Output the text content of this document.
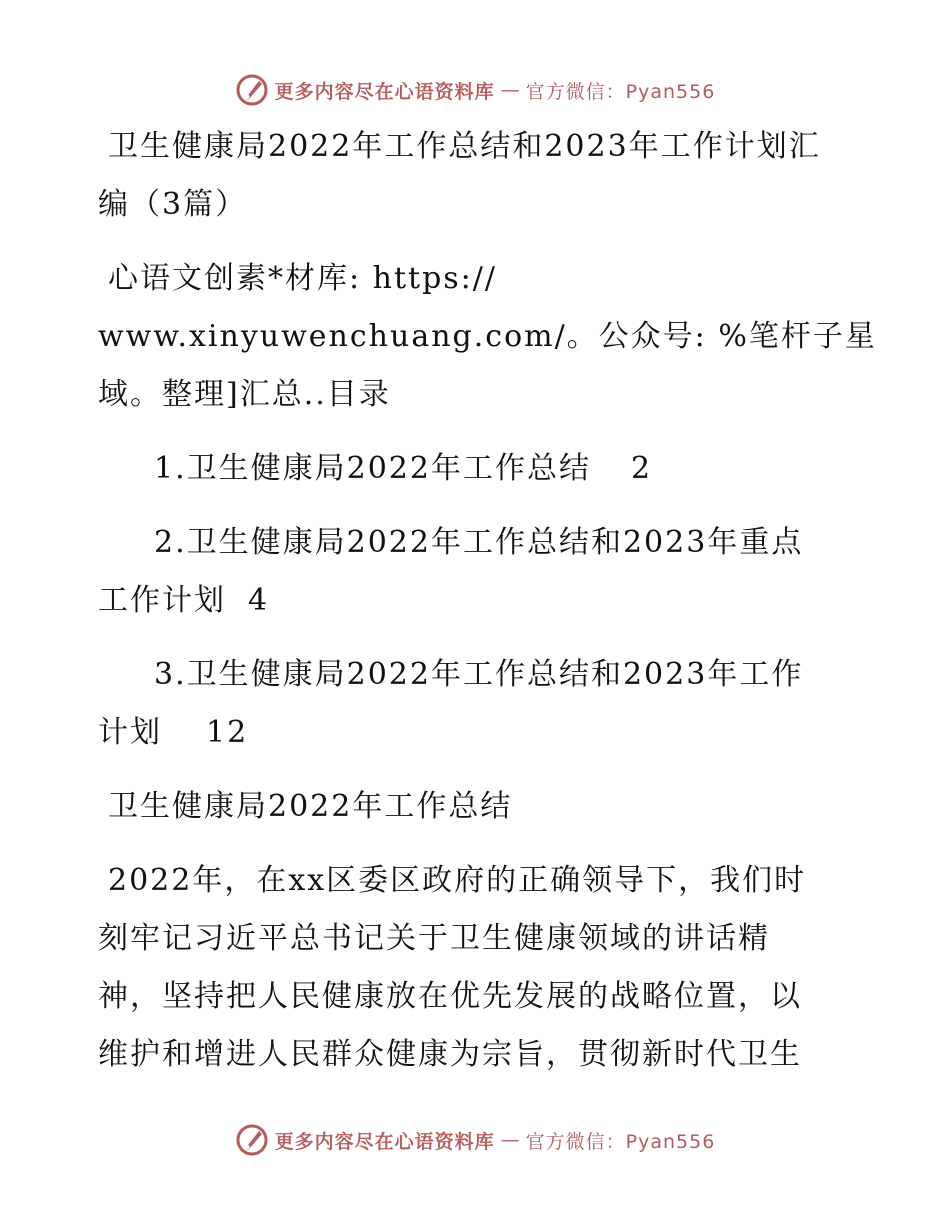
更多内容尽在心语资料库 — 官方微信：Pyan556

卫生健康局2022年工作总结和2023年工作计划汇

编（3篇）

心语文创素*材库: https://

www.xinyuwenchuang.com/。公众号: %笔杆子星

域。整理]汇总..目录

1.卫生健康局2022年工作总结 2

2.卫生健康局2022年工作总结和2023年重点

工作计划 4

3.卫生健康局2022年工作总结和2023年工作

计划 12

卫生健康局2022年工作总结

2022年，在xx区委区政府的正确领导下，我们时

刻牢记习近平总书记关于卫生健康领域的讲话精

神，坚持把人民健康放在优先发展的战略位置，以

维护和增进人民群众健康为宗旨，贯彻新时代卫生

更多内容尽在心语资料库 — 官方微信：Pyan556
